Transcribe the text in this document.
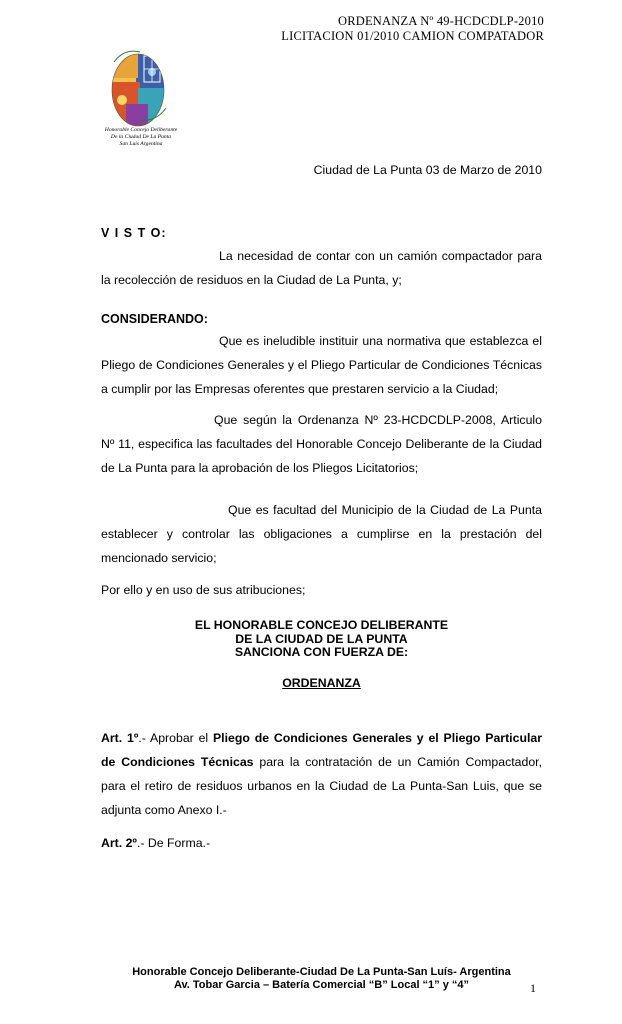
ORDENANZA Nº 49-HCDCDLP-2010
LICITACION 01/2010 CAMION COMPATADOR
Honorable Concejo Deliberante
De la Ciudad De La Punta
San Luis Argentina
Ciudad de La Punta 03 de Marzo de 2010
V I S T O:
La necesidad de contar con un camión compactador para la recolección de residuos en la Ciudad de La Punta, y;
CONSIDERANDO:
Que es ineludible instituir una normativa que establezca el Pliego de Condiciones Generales y el Pliego Particular de Condiciones Técnicas a cumplir por las Empresas oferentes que prestaren servicio a la Ciudad;
Que según la Ordenanza Nº 23-HCDCDLP-2008, Articulo Nº 11, especifica las facultades del Honorable Concejo Deliberante de la Ciudad de La Punta para la aprobación de los Pliegos Licitatorios;
Que es facultad del Municipio de la Ciudad de La Punta establecer y controlar las obligaciones a cumplirse en la prestación del mencionado servicio;
Por ello y en uso de sus atribuciones;
EL HONORABLE CONCEJO DELIBERANTE
DE LA CIUDAD DE LA PUNTA
SANCIONA CON FUERZA DE:
ORDENANZA
Art. 1º.- Aprobar el Pliego de Condiciones Generales y el Pliego Particular de Condiciones Técnicas para la contratación de un Camión Compactador, para el retiro de residuos urbanos en la Ciudad de La Punta-San Luis, que se adjunta como Anexo I.-
Art. 2º.- De Forma.-
Honorable Concejo Deliberante-Ciudad De La Punta-San Luís- Argentina
Av. Tobar Garcia – Batería Comercial “B” Local “1” y “4”	1
